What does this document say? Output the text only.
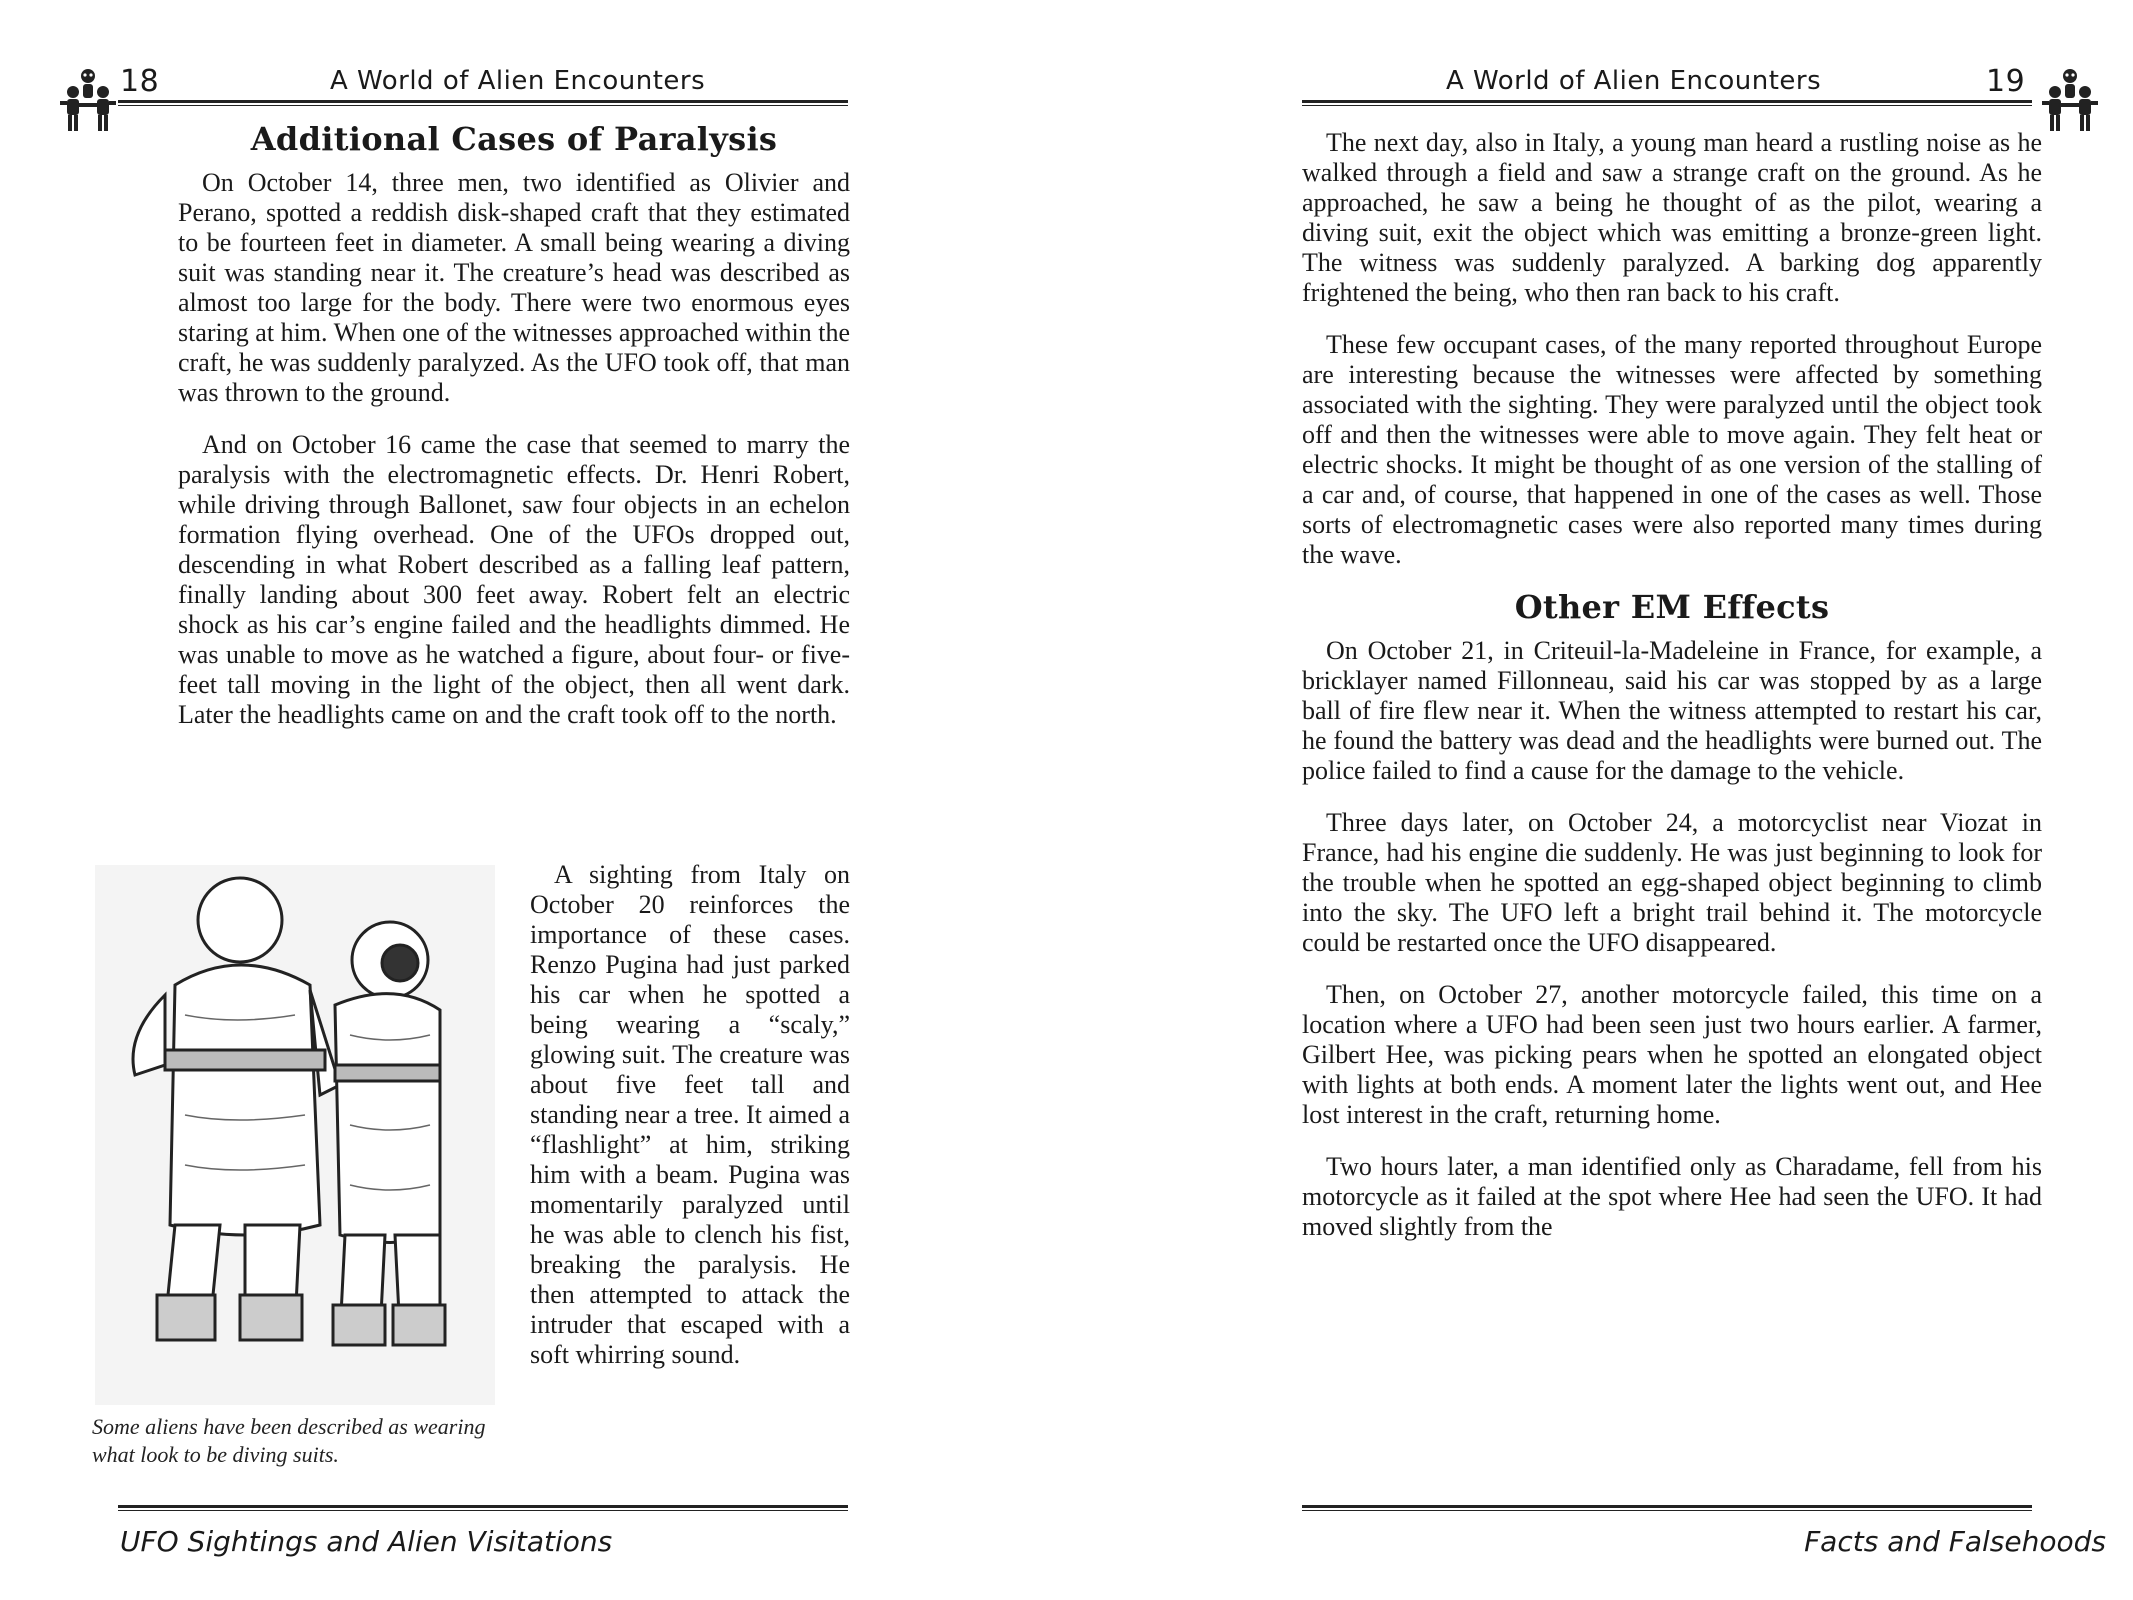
18	A World of Alien Encounters
Additional Cases of Paralysis

On October 14, three men, two identified as Olivier and Perano, spotted a reddish disk-shaped craft that they estimated to be fourteen feet in diameter. A small being wearing a diving suit was standing near it. The creature’s head was described as almost too large for the body. There were two enormous eyes staring at him. When one of the witnesses approached within the craft, he was suddenly paralyzed. As the UFO took off, that man was thrown to the ground.

And on October 16 came the case that seemed to marry the paralysis with the electromagnetic effects. Dr. Henri Robert, while driving through Ballonet, saw four objects in an echelon formation flying overhead. One of the UFOs dropped out, descending in what Robert described as a falling leaf pattern, finally landing about 300 feet away. Robert felt an electric shock as his car’s engine failed and the headlights dimmed. He was unable to move as he watched a figure, about four- or five-feet tall moving in the light of the object, then all went dark. Later the headlights came on and the craft took off to the north.

Some aliens have been described as wearing what look to be diving suits.

A sighting from Italy on October 20 reinforces the importance of these cases. Renzo Pugina had just parked his car when he spotted a being wearing a “scaly,” glowing suit. The creature was about five feet tall and standing near a tree. It aimed a “flashlight” at him, striking him with a beam. Pugina was momentarily paralyzed until he was able to clench his fist, breaking the paralysis. He then attempted to attack the intruder that escaped with a soft whirring sound.

UFO Sightings and Alien Visitations
A World of Alien Encounters	19

The next day, also in Italy, a young man heard a rustling noise as he walked through a field and saw a strange craft on the ground. As he approached, he saw a being he thought of as the pilot, wearing a diving suit, exit the object which was emitting a bronze-green light. The witness was suddenly paralyzed. A barking dog apparently frightened the being, who then ran back to his craft.

These few occupant cases, of the many reported throughout Europe are interesting because the witnesses were affected by something associated with the sighting. They were paralyzed until the object took off and then the witnesses were able to move again. They felt heat or electric shocks. It might be thought of as one version of the stalling of a car and, of course, that happened in one of the cases as well. Those sorts of electromagnetic cases were also reported many times during the wave.

Other EM Effects

On October 21, in Criteuil-la-Madeleine in France, for example, a bricklayer named Fillonneau, said his car was stopped by as a large ball of fire flew near it. When the witness attempted to restart his car, he found the battery was dead and the headlights were burned out. The police failed to find a cause for the damage to the vehicle.

Three days later, on October 24, a motorcyclist near Viozat in France, had his engine die suddenly. He was just beginning to look for the trouble when he spotted an egg-shaped object beginning to climb into the sky. The UFO left a bright trail behind it. The motorcycle could be restarted once the UFO disappeared.

Then, on October 27, another motorcycle failed, this time on a location where a UFO had been seen just two hours earlier. A farmer, Gilbert Hee, was picking pears when he spotted an elongated object with lights at both ends. A moment later the lights went out, and Hee lost interest in the craft, returning home.

Two hours later, a man identified only as Charadame, fell from his motorcycle as it failed at the spot where Hee had seen the UFO. It had moved slightly from the

Facts and Falsehoods
